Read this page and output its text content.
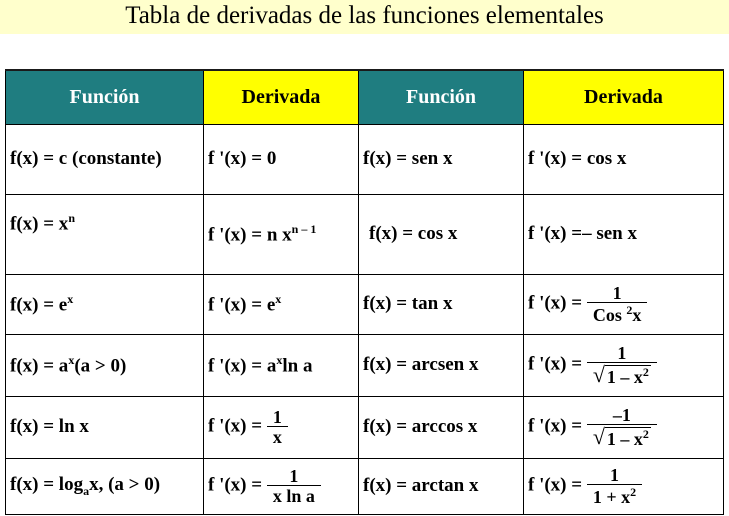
Tabla de derivadas de las funciones elementales
Función	Derivada	Función	Derivada
f(x) = c (constante)	f '(x) = 0	f(x) = sen x	f '(x) = cos x
$f(x) = x^n$	f '(x) = n $x^{n - 1}$	f(x) = cos x	f '(x) =– sen x
$f(x) = e^x$	f '$(x) = e^x$	f(x) = tan x	f '$(x) = \frac{1}{Cos ^2x}$

$f(x) = a^x(a > 0)$	f '$(x) = a^x\ln$ a	f(x) = arcsen x	f '$(x) = \frac{1}{√ 1 - x^2}$

f(x) = ln x	f '$(x) = \frac{1}{x}$	f(x) = arccos x	f '$(x) = \frac{-1}{√ 1 - x^2}$

$f(x) = \log_ax$, (a > 0)	f '$(x) = \frac{1}{\text{x ln a}}$	f(x) = arctan x	f '$(x) = \frac{1}{1 + x^2}$
